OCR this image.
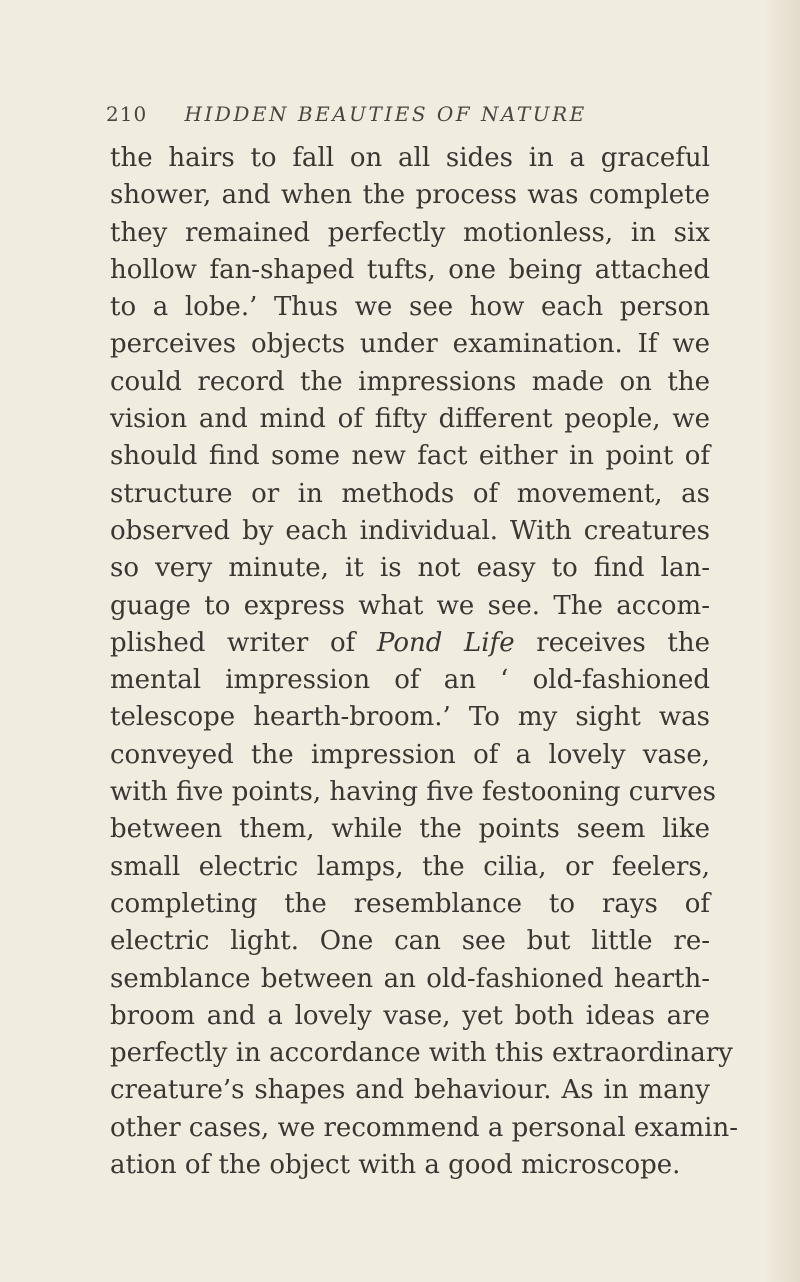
210 HIDDEN BEAUTIES OF NATURE
the hairs to fall on all sides in a graceful
shower, and when the process was complete
they remained perfectly motionless, in six
hollow fan-shaped tufts, one being attached
to a lobe.’ Thus we see how each person
perceives objects under examination. If we
could record the impressions made on the
vision and mind of fifty different people, we
should find some new fact either in point of
structure or in methods of movement, as
observed by each individual. With creatures
so very minute, it is not easy to find lan-
guage to express what we see. The accom-
plished writer of Pond Life receives the
mental impression of an ‘ old-fashioned
telescope hearth-broom.’ To my sight was
conveyed the impression of a lovely vase,
with five points, having five festooning curves
between them, while the points seem like
small electric lamps, the cilia, or feelers,
completing the resemblance to rays of
electric light. One can see but little re-
semblance between an old-fashioned hearth-
broom and a lovely vase, yet both ideas are
perfectly in accordance with this extraordinary
creature’s shapes and behaviour. As in many
other cases, we recommend a personal examin-
ation of the object with a good microscope.
